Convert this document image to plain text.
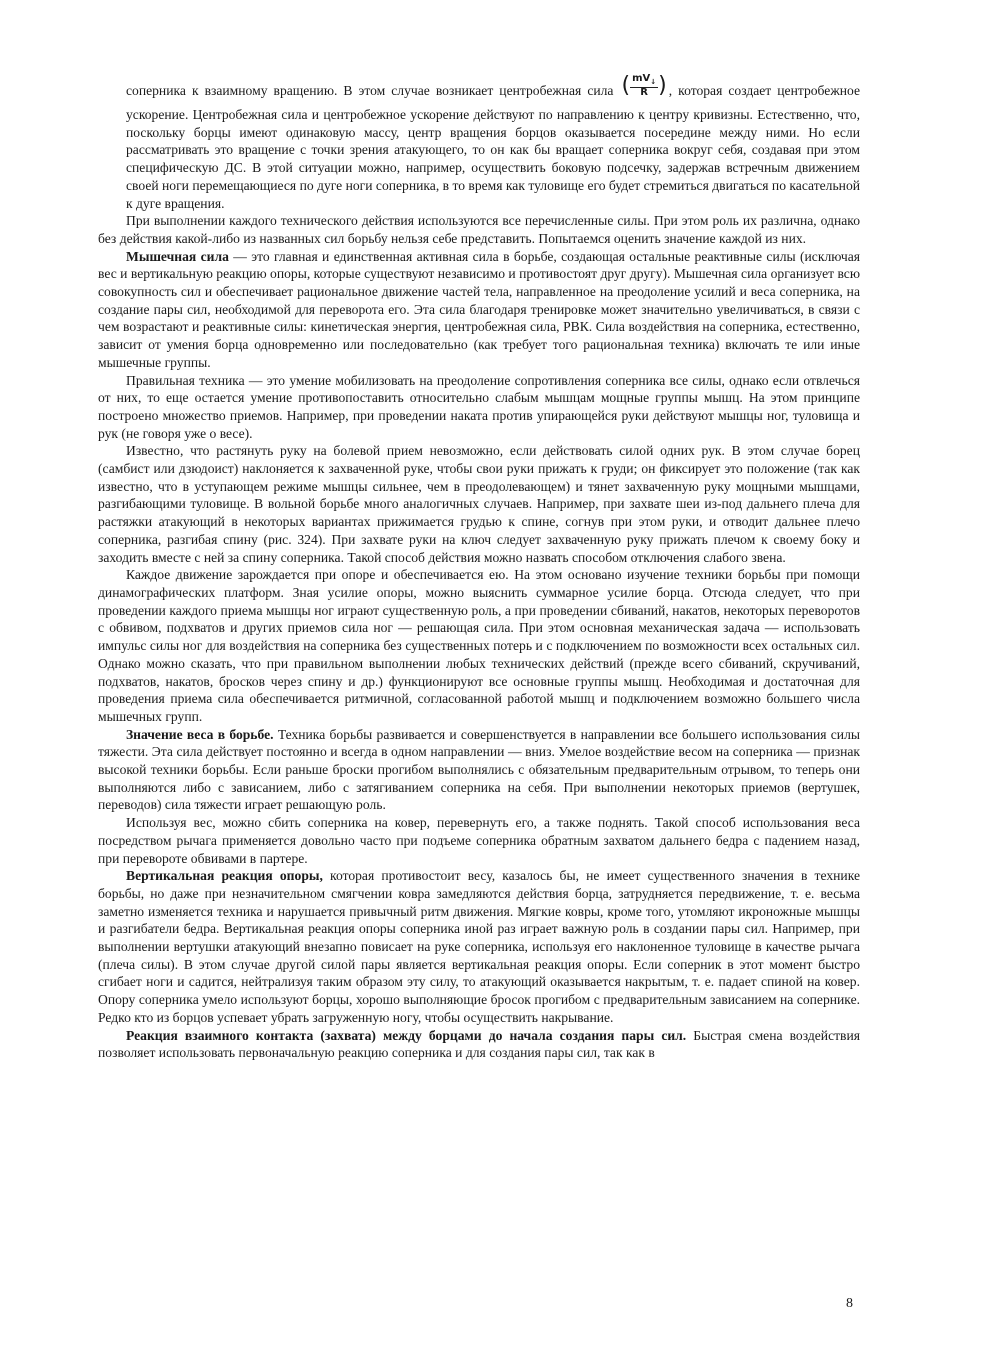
соперника к взаимному вращению. В этом случае возникает центробежная сила ( $\frac{mV_↓}{R}$ ) , которая создает центробежное ускорение. Центробежная сила и центробежное ускорение действуют по направлению к центру кривизны. Естественно, что, поскольку борцы имеют одинаковую массу, центр вращения борцов оказывается посередине между ними. Но если рассматривать это вращение с точки зрения атакующего, то он как бы вращает соперника вокруг себя, создавая при этом специфическую ДС. В этой ситуации можно, например, осуществить боковую подсечку, задержав встречным движением своей ноги перемещающиеся по дуге ноги соперника, в то время как туловище его будет стремиться двигаться по касательной к дуге вращения.

При выполнении каждого технического действия используются все перечисленные силы. При этом роль их различна, однако без действия какой-либо из названных сил борьбу нельзя себе представить. Попытаемся оценить значение каждой из них.

Мышечная сила — это главная и единственная активная сила в борьбе, создающая остальные реактивные силы (исключая вес и вертикальную реакцию опоры, которые существуют независимо и противостоят друг другу). Мышечная сила организует всю совокупность сил и обеспечивает рациональное движение частей тела, направленное на преодоление усилий и веса соперника, на создание пары сил, необходимой для переворота его. Эта сила благодаря тренировке может значительно увеличиваться, в связи с чем возрастают и реактивные силы: кинетическая энергия, центробежная сила, РВК. Сила воздействия на соперника, естественно, зависит от умения борца одновременно или последовательно (как требует того рациональная техника) включать те или иные мышечные группы.

Правильная техника — это умение мобилизовать на преодоление сопротивления соперника все силы, однако если отвлечься от них, то еще остается умение противопоставить относительно слабым мышцам мощные группы мышц. На этом принципе построено множество приемов. Например, при проведении наката против упирающейся руки действуют мышцы ног, туловища и рук (не говоря уже о весе).

Известно, что растянуть руку на болевой прием невозможно, если действовать силой одних рук. В этом случае борец (самбист или дзюдоист) наклоняется к захваченной руке, чтобы свои руки прижать к груди; он фиксирует это положение (так как известно, что в уступающем режиме мышцы сильнее, чем в преодолевающем) и тянет захваченную руку мощными мышцами, разгибающими туловище. В вольной борьбе много аналогичных случаев. Например, при захвате шеи из-под дальнего плеча для растяжки атакующий в некоторых вариантах прижимается грудью к спине, согнув при этом руки, и отводит дальнее плечо соперника, разгибая спину (рис. 324). При захвате руки на ключ следует захваченную руку прижать плечом к своему боку и заходить вместе с ней за спину соперника. Такой способ действия можно назвать способом отключения слабого звена.

Каждое движение зарождается при опоре и обеспечивается ею. На этом основано изучение техники борьбы при помощи динамографических платформ. Зная усилие опоры, можно выяснить суммарное усилие борца. Отсюда следует, что при проведении каждого приема мышцы ног играют существенную роль, а при проведении сбиваний, накатов, некоторых переворотов с обвивом, подхватов и других приемов сила ног — решающая сила. При этом основная механическая задача — использовать импульс силы ног для воздействия на соперника без существенных потерь и с подключением по возможности всех остальных сил. Однако можно сказать, что при правильном выполнении любых технических действий (прежде всего сбиваний, скручиваний, подхватов, накатов, бросков через спину и др.) функционируют все основные группы мышц. Необходимая и достаточная для проведения приема сила обеспечивается ритмичной, согласованной работой мышц и подключением возможно большего числа мышечных групп.

Значение веса в борьбе. Техника борьбы развивается и совершенствуется в направлении все большего использования силы тяжести. Эта сила действует постоянно и всегда в одном направлении — вниз. Умелое воздействие весом на соперника — признак высокой техники борьбы. Если раньше броски прогибом выполнялись с обязательным предварительным отрывом, то теперь они выполняются либо с зависанием, либо с затягиванием соперника на себя. При выполнении некоторых приемов (вертушек, переводов) сила тяжести играет решающую роль.

Используя вес, можно сбить соперника на ковер, перевернуть его, а также поднять. Такой способ использования веса посредством рычага применяется довольно часто при подъеме соперника обратным захватом дальнего бедра с падением назад, при перевороте обвивами в партере.

Вертикальная реакция опоры, которая противостоит весу, казалось бы, не имеет существенного значения в технике борьбы, но даже при незначительном смягчении ковра замедляются действия борца, затрудняется передвижение, т. е. весьма заметно изменяется техника и нарушается привычный ритм движения. Мягкие ковры, кроме того, утомляют икроножные мышцы и разгибатели бедра. Вертикальная реакция опоры соперника иной раз играет важную роль в создании пары сил. Например, при выполнении вертушки атакующий внезапно повисает на руке соперника, используя его наклоненное туловище в качестве рычага (плеча силы). В этом случае другой силой пары является вертикальная реакция опоры. Если соперник в этот момент быстро сгибает ноги и садится, нейтрализуя таким образом эту силу, то атакующий оказывается накрытым, т. е. падает спиной на ковер. Опору соперника умело используют борцы, хорошо выполняющие бросок прогибом с предварительным зависанием на сопернике. Редко кто из борцов успевает убрать загруженную ногу, чтобы осуществить накрывание.

Реакция взаимного контакта (захвата) между борцами до начала создания пары сил. Быстрая смена воздействия позволяет использовать первоначальную реакцию соперника и для создания пары сил, так как в

8
